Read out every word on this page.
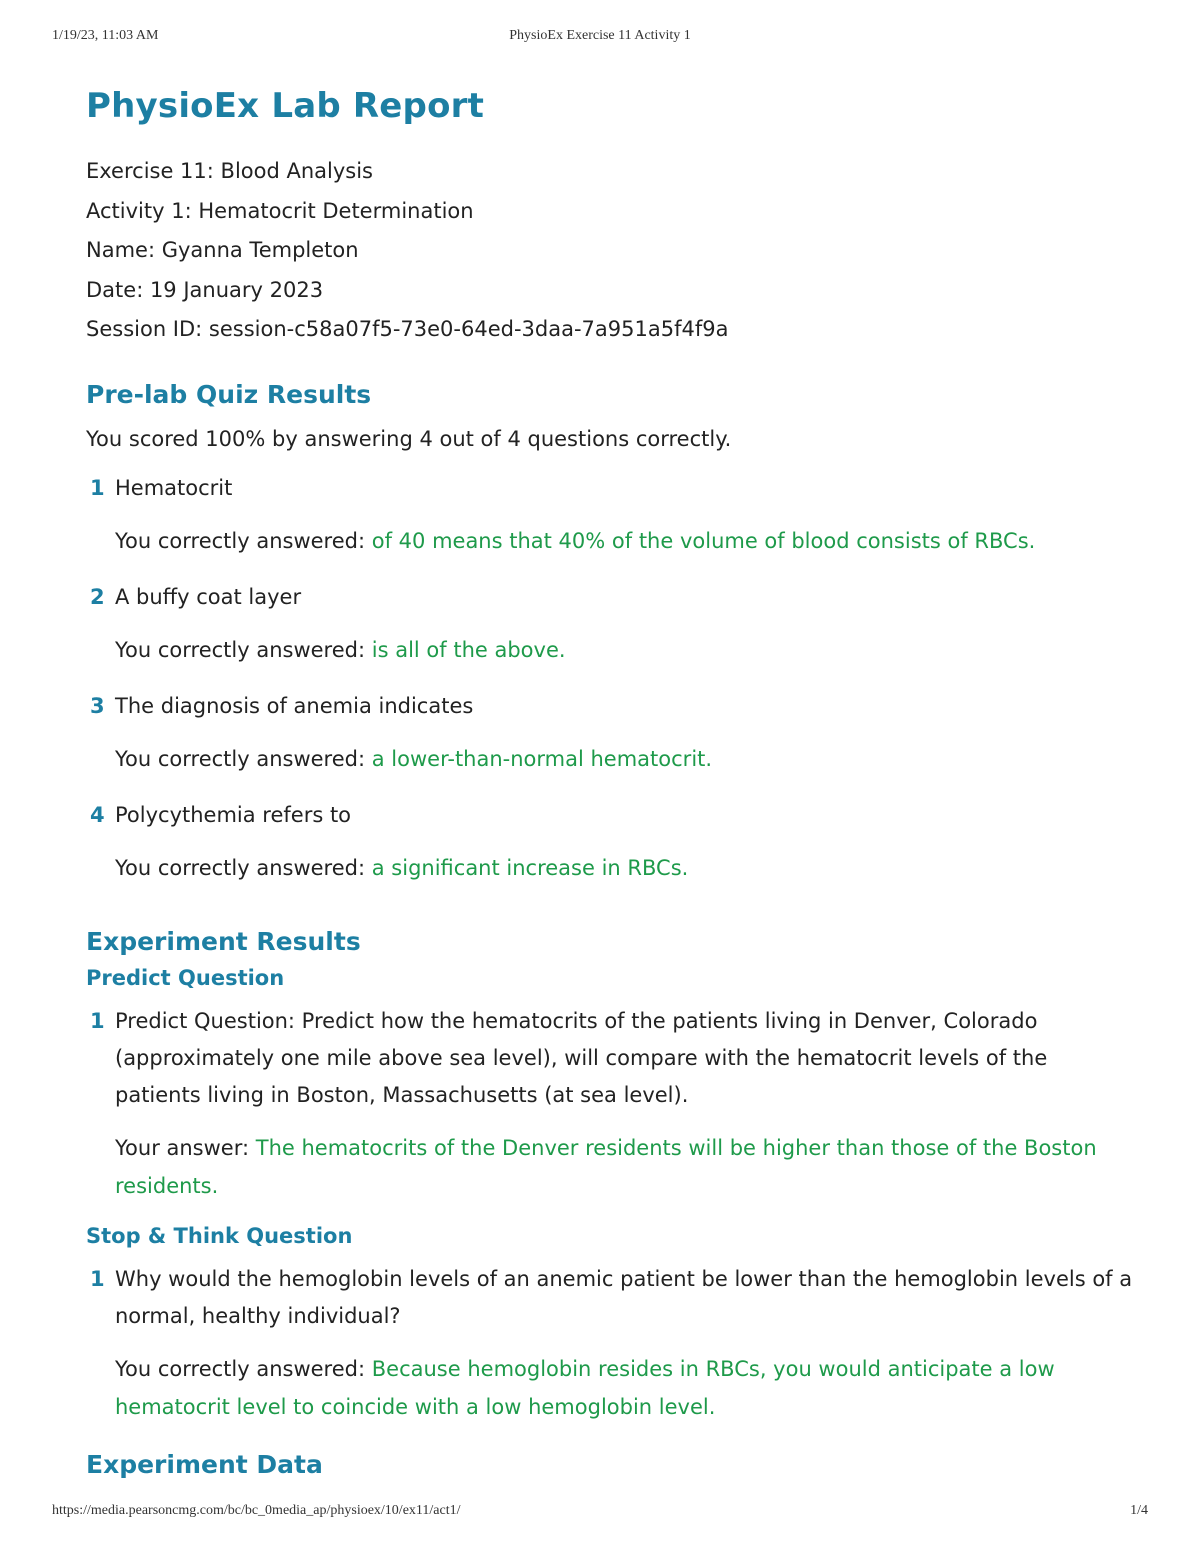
1/19/23, 11:03 AM	PhysioEx Exercise 11 Activity 1
PhysioEx Lab Report
Exercise 11: Blood Analysis
Activity 1: Hematocrit Determination
Name: Gyanna Templeton
Date: 19 January 2023
Session ID: session-c58a07f5-73e0-64ed-3daa-7a951a5f4f9a
Pre-lab Quiz Results
You scored 100% by answering 4 out of 4 questions correctly.
1 Hematocrit
You correctly answered: of 40 means that 40% of the volume of blood consists of RBCs.
2 A buffy coat layer
You correctly answered: is all of the above.
3 The diagnosis of anemia indicates
You correctly answered: a lower-than-normal hematocrit.
4 Polycythemia refers to
You correctly answered: a significant increase in RBCs.
Experiment Results
Predict Question
1 Predict Question: Predict how the hematocrits of the patients living in Denver, Colorado (approximately one mile above sea level), will compare with the hematocrit levels of the patients living in Boston, Massachusetts (at sea level).
Your answer: The hematocrits of the Denver residents will be higher than those of the Boston residents.
Stop & Think Question
1 Why would the hemoglobin levels of an anemic patient be lower than the hemoglobin levels of a normal, healthy individual?
You correctly answered: Because hemoglobin resides in RBCs, you would anticipate a low hematocrit level to coincide with a low hemoglobin level.
Experiment Data
https://media.pearsoncmg.com/bc/bc_0media_ap/physioex/10/ex11/act1/	1/4
